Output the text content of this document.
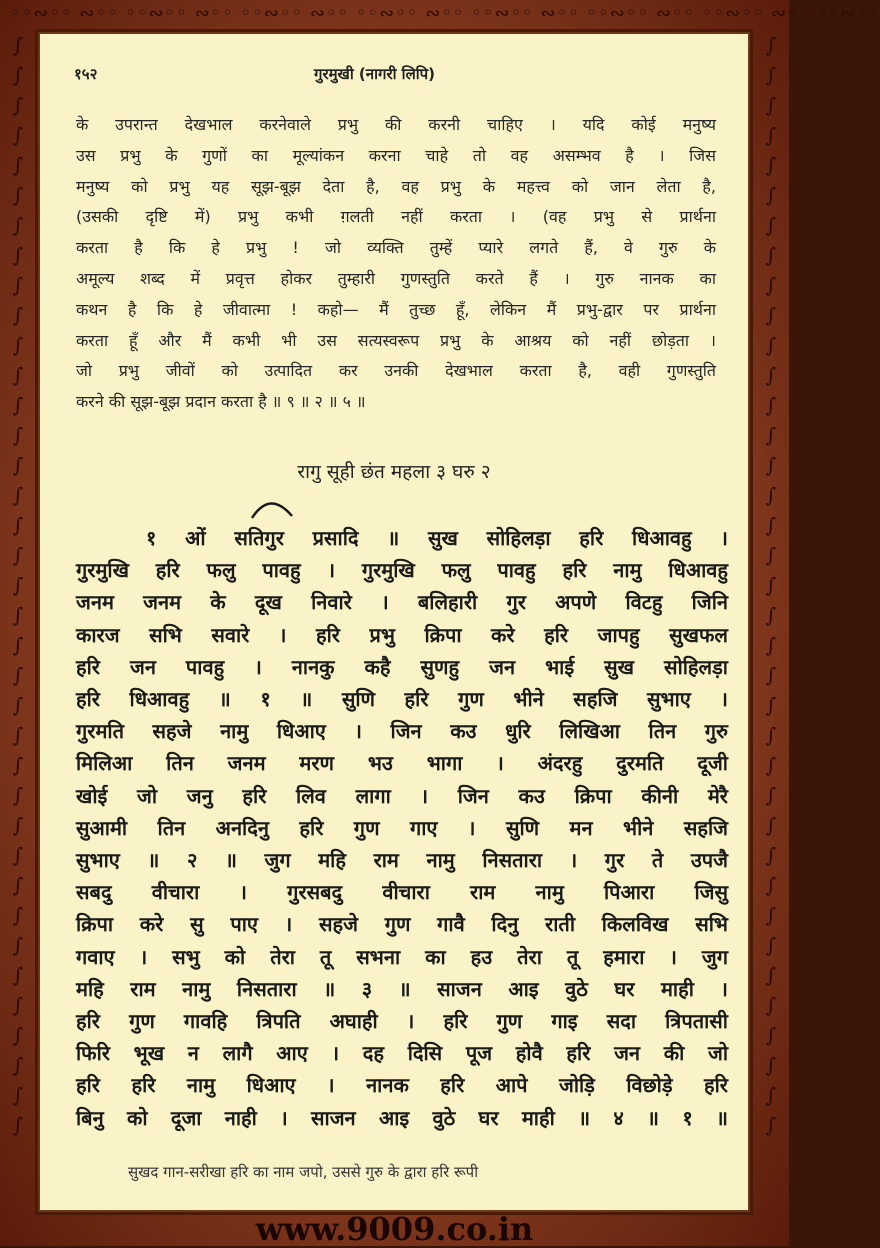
◦◦∾◦◦ ∾◦◦ ◦◦∾◦◦ ∾◦◦ ◦◦∾◦◦ ∾◦◦ ◦◦∾◦◦ ∾◦◦ ◦◦∾◦◦ ∾◦◦ ◦◦∾◦◦ ∾◦◦ ◦◦∾◦◦ ∾◦◦ ◦◦∾◦◦
∫
∫
∫
∫
∫
∫
∫
∫
∫
∫
∫
∫
∫
∫
∫
∫
∫
∫
∫
∫
∫
∫
∫
∫
∫
∫
∫
∫
∫
∫
∫
∫
∫
∫
∫
∫
∫
∫
∫
∫
∫
∫
∫
∫
∫
∫
∫
∫
∫
∫
∫
∫
∫
∫
∫
∫
∫
∫
∫
∫
∫
∫
∫
∫
∫
∫
∫
∫
∫
∫
∫
∫
∫
∫
१५२	गुरमुखी (नागरी लिपि)
के उपरान्त देखभाल करनेवाले प्रभु की करनी चाहिए । यदि कोई मनुष्य
उस प्रभु के गुणों का मूल्यांकन करना चाहे तो वह असम्भव है । जिस
मनुष्य को प्रभु यह सूझ-बूझ देता है, वह प्रभु के महत्त्व को जान लेता है,
(उसकी दृष्टि में) प्रभु कभी ग़लती नहीं करता । (वह प्रभु से प्रार्थना
करता है कि हे प्रभु ! जो व्यक्ति तुम्हें प्यारे लगते हैं, वे गुरु के
अमूल्य शब्द में प्रवृत्त होकर तुम्हारी गुणस्तुति करते हैं । गुरु नानक का
कथन है कि हे जीवात्मा ! कहो— मैं तुच्छ हूँ, लेकिन मैं प्रभु-द्वार पर प्रार्थना
करता हूँ और मैं कभी भी उस सत्यस्वरूप प्रभु के आश्रय को नहीं छोड़ता ।
जो प्रभु जीवों को उत्पादित कर उनकी देखभाल करता है, वही गुणस्तुति
करने की सूझ-बूझ प्रदान करता है ॥ ९ ॥ २ ॥ ५ ॥
रागु सूही छंत महला ३ घरु २
१ ओं सतिगुर प्रसादि ॥ सुख सोहिलड़ा हरि धिआवहु ।
गुरमुखि हरि फलु पावहु । गुरमुखि फलु पावहु हरि नामु धिआवहु
जनम जनम के दूख निवारे । बलिहारी गुर अपणे विटहु जिनि
कारज सभि सवारे । हरि प्रभु क्रिपा करे हरि जापहु सुखफल
हरि जन पावहु । नानकु कहै सुणहु जन भाई सुख सोहिलड़ा
हरि धिआवहु ॥ १ ॥ सुणि हरि गुण भीने सहजि सुभाए ।
गुरमति सहजे नामु धिआए । जिन कउ धुरि लिखिआ तिन गुरु
मिलिआ तिन जनम मरण भउ भागा । अंदरहु दुरमति दूजी
खोई जो जनु हरि लिव लागा । जिन कउ क्रिपा कीनी मेरै
सुआमी तिन अनदिनु हरि गुण गाए । सुणि मन भीने सहजि
सुभाए ॥ २ ॥ जुग महि राम नामु निसतारा । गुर ते उपजै
सबदु वीचारा । गुरसबदु वीचारा राम नामु पिआरा जिसु
क्रिपा करे सु पाए । सहजे गुण गावै दिनु राती किलविख सभि
गवाए । सभु को तेरा तू सभना का हउ तेरा तू हमारा । जुग
महि राम नामु निसतारा ॥ ३ ॥ साजन आइ वुठे घर माही ।
हरि गुण गावहि त्रिपति अघाही । हरि गुण गाइ सदा त्रिपतासी
फिरि भूख न लागै आए । दह दिसि पूज होवै हरि जन की जो
हरि हरि नामु धिआए । नानक हरि आपे जोड़ि विछोड़े हरि
बिनु को दूजा नाही । साजन आइ वुठे घर माही ॥ ४ ॥ १ ॥
सुखद गान-सरीखा हरि का नाम जपो, उससे गुरु के द्वारा हरि रूपी
www.9009.co.in
